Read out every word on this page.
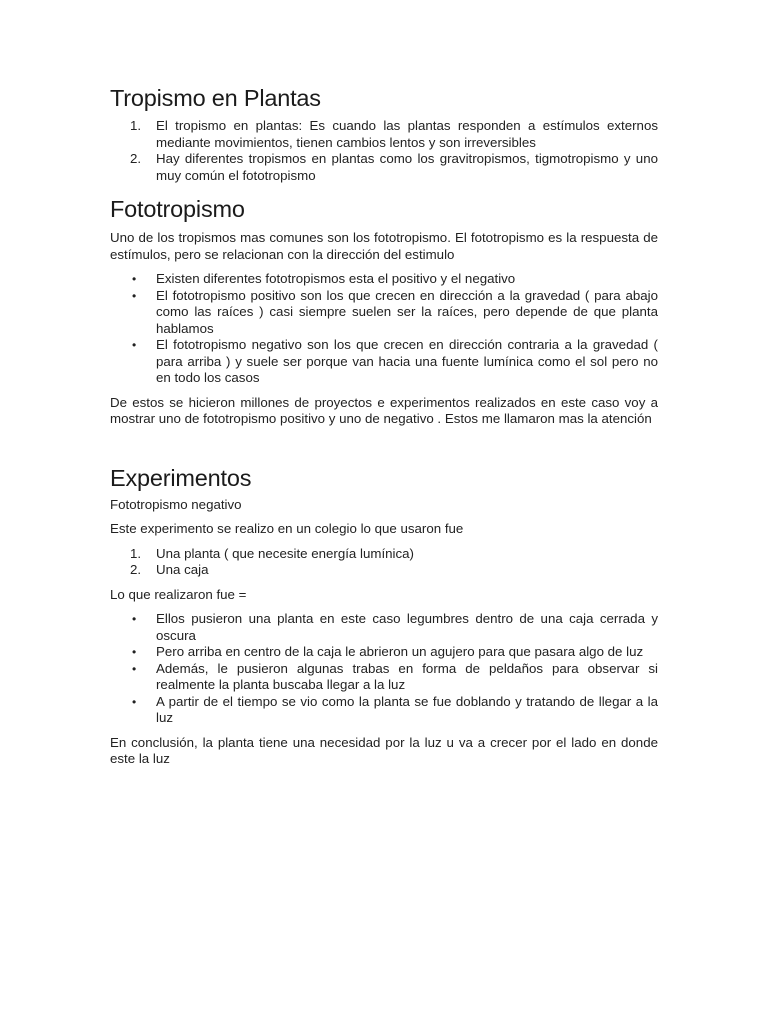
Tropismo en Plantas
1. El tropismo en plantas: Es cuando las plantas responden a estímulos externos mediante movimientos, tienen cambios lentos y son irreversibles
2. Hay diferentes tropismos en plantas como los gravitropismos, tigmotropismo y uno muy común el fototropismo
Fototropismo

Uno de los tropismos mas comunes son los fototropismo. El fototropismo es la respuesta de estímulos, pero se relacionan con la dirección del estimulo

• Existen diferentes fototropismos esta el positivo y el negativo
• El fototropismo positivo son los que crecen en dirección a la gravedad ( para abajo como las raíces ) casi siempre suelen ser la raíces, pero depende de que planta hablamos
• El fototropismo negativo son los que crecen en dirección contraria a la gravedad ( para arriba ) y suele ser porque van hacia una fuente lumínica como el sol pero no en todo los casos

De estos se hicieron millones de proyectos e experimentos realizados en este caso voy a mostrar uno de fototropismo positivo y uno de negativo . Estos me llamaron mas la atención

Experimentos

Fototropismo negativo

Este experimento se realizo en un colegio lo que usaron fue

1. Una planta ( que necesite energía lumínica)
2. Una caja

Lo que realizaron fue =

• Ellos pusieron una planta en este caso legumbres dentro de una caja cerrada y oscura
• Pero arriba en centro de la caja le abrieron un agujero para que pasara algo de luz
• Además, le pusieron algunas trabas en forma de peldaños para observar si realmente la planta buscaba llegar a la luz
• A partir de el tiempo se vio como la planta se fue doblando y tratando de llegar a la luz

En conclusión, la planta tiene una necesidad por la luz u va a crecer por el lado en donde este la luz
